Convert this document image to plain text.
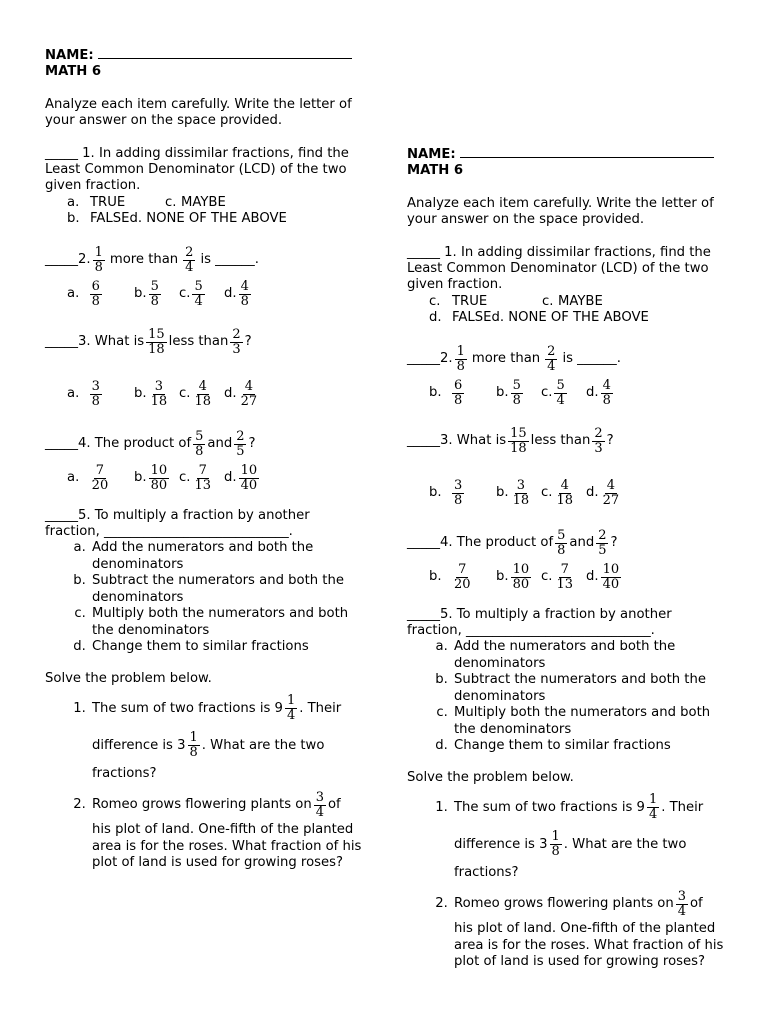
NAME:
MATH 6
Analyze each item carefully. Write the letter of your answer on the space provided.
_____ 1. In adding dissimilar fractions, find the Least Common Denominator (LCD) of the two given fraction.
a. TRUE	c. MAYBE
b. FALSEd. NONE OF THE ABOVE
_____2. $\frac{1}{8}$ more than $\frac{2}{4}$ is ______.
a. $\frac{6}{8} b$. $\frac{5}{8} c$. $\frac{5}{4} d$. $\frac{4}{8}$
_____3. What is $\frac{15}{18}$ less than $\frac{2}{3}$ ?
a. $\frac{3}{8} b$. $\frac{3}{18} c$. $\frac{4}{18} d$. $\frac{4}{27}$
_____4. The product of $\frac{5}{8}$ and $\frac{2}{5}$ ?
a. $\frac{7}{20} b$. $\frac{10}{80} c$. $\frac{7}{13} d$. $\frac{10}{40}$
_____5. To multiply a fraction by another fraction, ____________________________.
a. Add the numerators and both the denominators
b. Subtract the numerators and both the denominators
c. Multiply both the numerators and both the denominators
d. Change them to similar fractions
Solve the problem below.
1. The sum of two fractions is $9 \frac{1}{4}$ . Their
difference is $3 \frac{1}{8}$ . What are the two
fractions?
2. Romeo grows flowering plants on $\frac{3}{4}$ of
his plot of land. One-fifth of the planted area is for the roses. What fraction of his plot of land is used for growing roses?
NAME:
MATH 6
Analyze each item carefully. Write the letter of your answer on the space provided.
_____ 1. In adding dissimilar fractions, find the Least Common Denominator (LCD) of the two given fraction.
c. TRUE	c. MAYBE
d. FALSEd. NONE OF THE ABOVE
_____2. $\frac{1}{8}$ more than $\frac{2}{4}$ is ______.
b. $\frac{6}{8} b$. $\frac{5}{8} c$. $\frac{5}{4} d$. $\frac{4}{8}$
_____3. What is $\frac{15}{18}$ less than $\frac{2}{3}$ ?
b. $\frac{3}{8} b$. $\frac{3}{18} c$. $\frac{4}{18} d$. $\frac{4}{27}$
_____4. The product of $\frac{5}{8}$ and $\frac{2}{5}$ ?
b. $\frac{7}{20} b$. $\frac{10}{80} c$. $\frac{7}{13} d$. $\frac{10}{40}$
_____5. To multiply a fraction by another fraction, ____________________________.
a. Add the numerators and both the denominators
b. Subtract the numerators and both the denominators
c. Multiply both the numerators and both the denominators
d. Change them to similar fractions
Solve the problem below.
1. The sum of two fractions is $9 \frac{1}{4}$ . Their
difference is $3 \frac{1}{8}$ . What are the two
fractions?
2. Romeo grows flowering plants on $\frac{3}{4}$ of
his plot of land. One-fifth of the planted area is for the roses. What fraction of his plot of land is used for growing roses?
